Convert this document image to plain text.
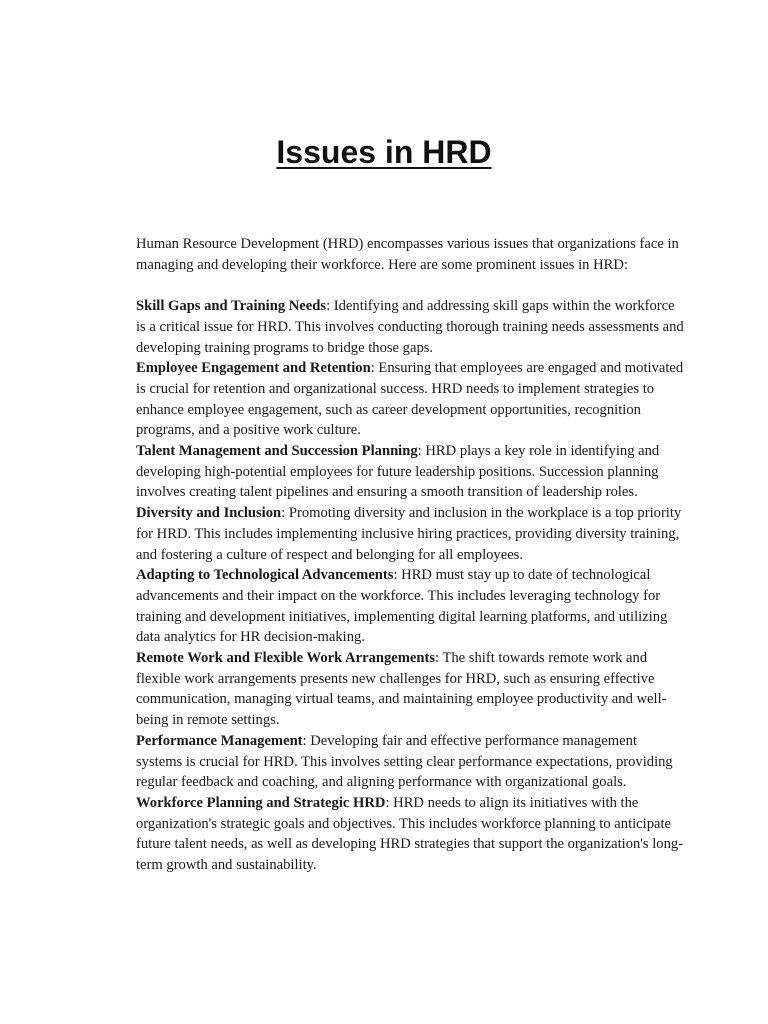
Issues in HRD

Human Resource Development (HRD) encompasses various issues that organizations face in managing and developing their workforce. Here are some prominent issues in HRD:

Skill Gaps and Training Needs: Identifying and addressing skill gaps within the workforce is a critical issue for HRD. This involves conducting thorough training needs assessments and developing training programs to bridge those gaps.

Employee Engagement and Retention: Ensuring that employees are engaged and motivated is crucial for retention and organizational success. HRD needs to implement strategies to enhance employee engagement, such as career development opportunities, recognition programs, and a positive work culture.

Talent Management and Succession Planning: HRD plays a key role in identifying and developing high-potential employees for future leadership positions. Succession planning involves creating talent pipelines and ensuring a smooth transition of leadership roles.

Diversity and Inclusion: Promoting diversity and inclusion in the workplace is a top priority for HRD. This includes implementing inclusive hiring practices, providing diversity training, and fostering a culture of respect and belonging for all employees.

Adapting to Technological Advancements: HRD must stay up to date of technological advancements and their impact on the workforce. This includes leveraging technology for training and development initiatives, implementing digital learning platforms, and utilizing data analytics for HR decision-making.

Remote Work and Flexible Work Arrangements: The shift towards remote work and flexible work arrangements presents new challenges for HRD, such as ensuring effective communication, managing virtual teams, and maintaining employee productivity and well-being in remote settings.

Performance Management: Developing fair and effective performance management systems is crucial for HRD. This involves setting clear performance expectations, providing regular feedback and coaching, and aligning performance with organizational goals.

Workforce Planning and Strategic HRD: HRD needs to align its initiatives with the organization's strategic goals and objectives. This includes workforce planning to anticipate future talent needs, as well as developing HRD strategies that support the organization's long-term growth and sustainability.
